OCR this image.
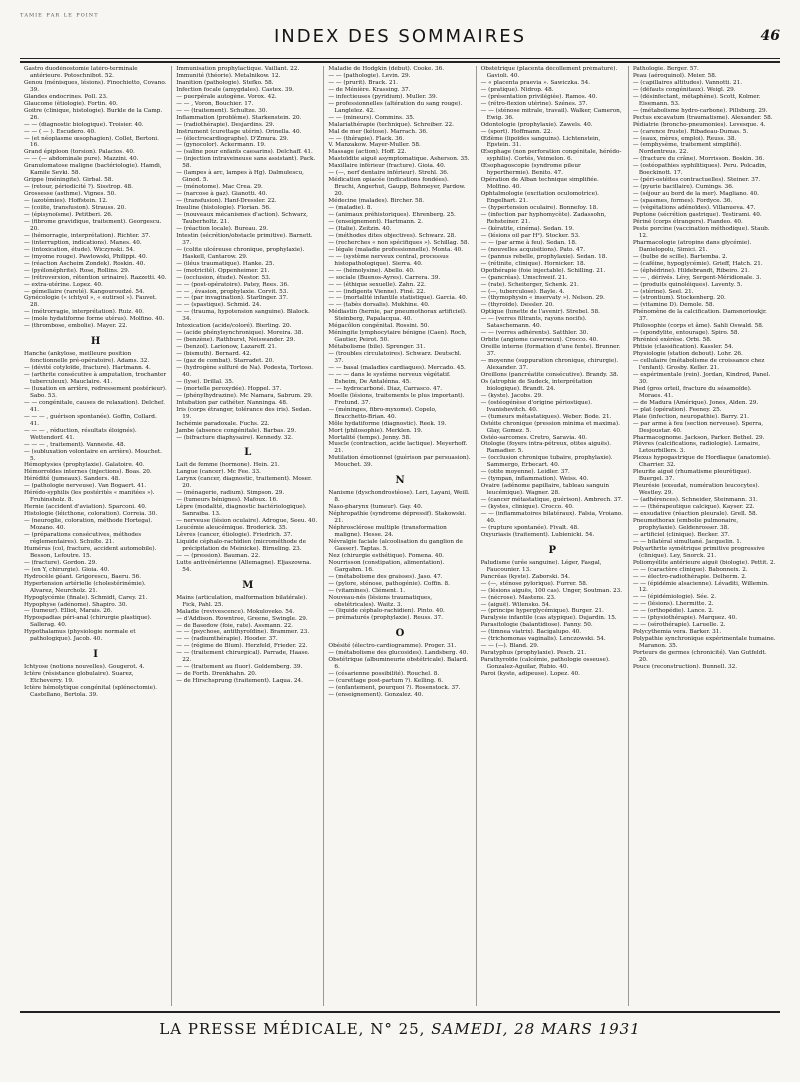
ᵀᴬᴹᴵᴱ ᴾᴬᴿ ᴸᴱ ᴾᴼᴵᴺᵀ
INDEX DES SOMMAIRES	46

Gastro duodénostomie latéro-terminale antérieure. Potoschnibot. 52.

Genou (ménisques, lésions). Finochietto, Covano. 39.

Glandes endocrines. Poll. 23.

Glaucome (étiologie). Fortin. 40.

Goitre (clinique, histologie). Burkle de la Camp. 26.

— — (diagnostic biologique). Troisier. 40.

— — ( — ). Escudero. 40.

— (et néoplasme œsophagien). Collet, Bertoni. 16.

Grand épiploon (torsion). Palacios. 40.

— — (— abdominale pure). Mazzini. 40.

Granulomatose maligne (bactériologie). Hamdi, Kamile Sevki. 58.

Grippe (méningite). Girbal. 58.

— (retour, périodicité ?). Sisstrop. 48.

Grossesse (asthme). Vignes. 50.

— (azotémies). Hoffstein. 12.

— (coiite, transfusion). Strauss. 20.

— (épisynoïsme). Petitberi. 26.

— (fibrome gravidique, traitement). Georgescu. 20.

— (hémorragie, interprétation). Richter. 37.

— (interruption, indications). Manes. 40.

— (intoxication, étude). Wiczynski. 54.

— (myome rouge). Pawlowski, Philippi. 40.

— (réaction Ascheim Zondek). Roskin. 40.

— (pyélonéphrite). Rose, Rollins. 29.

— (rétroversion, rétention urinaire). Razzetti. 40.

— extra-utérine. Lopez. 40.

— gémellaire (rareté). Kangouroudzé. 54.

Gynécologie (« ichtyol », « eutirsol »). Fauvet. 28.

— (métrorragie, interprétation). Ruiz. 40.

— (mole hydatiforme forme utérus). Molfino. 40.

— (thrombose, embolie). Mayer. 22.

H

Hanche (ankylose, meilleure position fonctionnelle pré-opératoire). Adams. 32.

— (dévité cotyloïde, fracture). Hartmann. 4.

— (arthrite consécutive à amputation, trochanter tuberculeux). Mauclaire. 41.

— (luxation en arrière, redressement postérieur). Sabo. 53.

— — congénitale, causes de relaxation). Delchef. 41.

— — — , guérison spontanée). Goffin, Collard. 41.

— — — , réduction, résultats éloignés). Wettendorf. 41.

— — — , traitement). Vanneste. 48.

— (subluxation volontaire en arrière). Mouchet. 5.

Hémoptysies (prophylaxie). Galatoire. 40.

Hémorroïdes internes (injections). Boas. 20.

Hérédité (jumeaux). Sanders. 48.

— (pathologie nerveuse). Van Bogaert. 41.

Hérédo-syphilis (les postérités « manitées »). Fruhinsholz. 8.

Hernie (accident d'aviation). Sparconi. 40.

Histologie (léicthone, coloration). Correia. 30.

— (neuroglie, coloration, méthode Hortega). Mozano. 40.

— (préparations consécutives, méthodes réglementaires). Schulte. 21.

Humérus (col, fracture, accident automobile). Besson, Lefoutre. 15.

— (fracture). Gordon. 29.

— (en Y, chirurgie). Gioia. 40.

Hydrocèle géant. Grigorescu, Baeru. 56.

Hypertension artérielle (cholestérinémie). Alvarez, Neurcholz. 21.

Hypoglycémie (finale). Schmidt, Carey. 21.

Hypophyse (adénome). Shapiro. 30.

— (tumeur). Elliot, Marais. 26.

Hypospadias péri-anal (chirurgie plastique). Sallerag. 40.

Hypothalamus (physiologie normale et pathologique). Jacob. 40.

I

Ichtyose (notions nouvelles). Gougerot. 4.

Ictère (résistance globulaire). Suarez, Etcheverry. 19.

Ictère hémolytique congénital (splénectomie). Castellano, Bertola. 39.

Immunisation prophylactique. Vaillant. 22.

Immunité (théorie). Metalnikow. 12.

Inanition (pathologie). Stefko. 58.

Infection focale (amygdales). Castex. 39.

— puerpérale autogène. Vorox. 42.

— — , Voron, Bouchier. 17.

— — (traitement). Schultze. 30.

Inflammation (problème). Starkenstein. 20.

— (radiothérapie). Desjardins. 29.

Instrument (curettage utérin). Orinella. 40.

— (électrocardiographe). D'Zmura. 29.

— (gynocolor). Ackermann. 19.

— (saline pour enfants caesarins). Delchaff. 41.

— (injection intraveineuse sans assistant). Pack. 58.

— (lampes à arc, lampes à Hg). Dalmulescu, Ginod. 5.

— (ménotome). Mac Crea. 29.

— (narcose à gaz). Gianotti. 40.

— (transfusion). Hanf-Dressler. 22.

Insuline (histologie). Florian. 56.

— (nouveaux mécanismes d'action). Schwarz, Tauberholtz. 21.

— (réaction locale). Bureau. 29.

Intestin (sécrétion/obstacle primitive). Barnett. 37.

— (colite ulcéreuse chronique, prophylaxie). Haskell, Cantarow. 29.

— (iléus traumatique). Hanke. 25.

— (motricité). Oppenheimer. 21.

— (occlusion, étude). Nestor. 53.

— — (post-opératoire). Patey, Rees. 36.

— — , évasion, prophylaxie. Corvit. 53.

— — (par invagination). Starlinger. 37.

— — (spastique). Schmid. 24.

— — (trauma, hypotension sanguine). Blalock. 34.

Intoxication (acide/coloré). Bierling. 20.

— (acide phénylsynchronique). Moreira. 38.

— (benzène). Rathburst, Neiswander. 29.

— (benzol). Larionow, Lazareff. 21.

— (bismuth). Bernard. 42.

— (gaz de combat). Starradet. 20.

— (hydrogène sulfuré de Na). Podesta, Tortoso. 40.

— (lyse). Drillal. 35.

— (mortelle peroxydée). Hoppel. 37.

— (phénylhydrazine). Mc Namara, Sabrum. 29.

Intubation par cathéter. Nanninga. 48.

Iris (corps étranger, tolérance des iris). Sedan. 19.

Ischémie paradoxale. Fuchs. 22.

Jambe (absence congénitale). Barbas. 29.

— (bifracture diaphysaire). Kennedy. 32.

L

Lait de femme (hormone). Hein. 21.

Langue (cancer). Mc Fee. 33.

Larynx (cancer, diagnostic, traitement). Moser. 20.

— (ménagerie, radium). Simpson. 29.

— (tumeurs bénignes). Mafoux. 16.

Lèpre (modalité, diagnostic bactériologique). Sanraiba. 13.

— nerveuse (lésion oculaire). Adrogue, Seeu. 40.

Leucémie aleucémique. Broderick. 35.

Lèvres (cancer, étiologie). Friedrich. 37.

Liquide céphalo-rachidien (microméthode de précipitation de Meinicke). Birneling. 23.

— — (pression). Bauman. 22.

Lutte antivénérienne (Allemagne). Eljaszowna. 54.

M

Mains (articulation, malformation bilatérale). Fick, Pahl. 25.

Maladie (revivescence). Mokuloveko. 54.

— d'Addison. Rowntree, Greene, Swingle. 29.

— de Basedow (foie, rate). Assmann. 22.

— — (psychose, antithyroïdine). Brammer. 23.

— — (radiumthérapie). Hooder. 37.

— — (régime de Blum). Herzfeld, Frieder. 22.

— — (traitement chirurgical). Parrade, Haase. 22.

— — (traitement au fluor). Goldemberg. 39.

— de Forth. Drenkhahn. 20.

— de Hirschsprung (traitement). Laqua. 24.

Maladie de Hodgkin (début). Cooke. 36.

— — (pathologie). Levin. 29.

— — (prurit). Brack. 21.

— de Ménière. Krassing. 37.

— infectieuses (pyridium). Muller. 39.

— professionnelles (altération du sang rouge). Langlelez. 42.

— — (mineurs). Commins. 35.

Malariathérapie (technique). Schreiber. 22.

Mal de mer (kétose). Marrach. 36.

— — (thérapie). Flack. 36.

V. Manzakow. Mayer-Muller. 58.

Massage (action). Hoff. 22.

Mastoïdite aiguë asymptomatique. Asherson. 35.

Maxillaire inférieur (fracture). Gioia. 40.

— (—, nerf dentaire inférieur). Strehl. 36.

Médication opiacée (indications fondées). Bruchi, Angerhut, Gaupp, Bohmeyer, Pardow. 20.

Médecine (malades). Bircher. 58.

— (maladie). 8.

— (animaux préhistoriques). Ehrenberg. 25.

— (enseignement). Hartmann. 2.

— (Italie). Zeitzin. 40.

— (méthodes dites objectives). Schwarz. 28.

— (recherches « non spécifiques »). Schillag. 58.

— légale (maladie professionnelle). Monta. 40.

— — (système nerveux central, processus histopathologique). Sierra. 40.

— — (hémolysine). Abello. 40.

— sociale (Buenos-Ayres). Carrera. 39.

— — (éthique sexuelle). Zahn. 22.

— — (indigents Vienne). Finé. 22.

— — (mortalité infantile statistique). Garcia. 40.

— — (tabès dorsalis). Mukhine. 40.

Médiastin (hernie, par pneumothorax artificiel). Steinberg, Papalacqua. 40.

Mégacôlon congénital. Rossini. 50.

Méningite lymphocytaire bénigne (Caen). Roch, Gautier, Peirot. 50.

Métabolisme (bile). Sprenger. 31.

— (troubles circulatoires). Schwarz. Deutschl. 37.

— — basal (maladies cardiaques). Mercado. 45.

— — — dans le système nerveux végétatif. Esheim, De Antalénna. 45.

— — hydrocarboné. Diaz, Carrasco. 47.

Moelle (lésions, traitements le plus important). Fretund. 37.

— (méninges, fibro-myxome). Copelo, Bracchetto-Brian. 40.

Môle hydatiforme (diagnostic). Reek. 19.

Mort (philosophie). Merklen. 19.

Mortalité (temps). Jenny. 58.

Muscle (contraction, acide lactique). Meyerhoff. 21.

Mutilation émotionnel (guérison par persuasion). Mouchet. 39.

N

Nanisme (dyschondrostéose). Leri, Layani, Weill. 8.

Naso-pharynx (tumeur). Gay. 40.

Néphropathie (syndrome dépressif). Stakowski. 21.

Néphrosclérose multiple (transformation maligne). Hesse. 24.

Névralgie faciale (alcoolisation du ganglion de Gasser). Taptas. 5.

Nez (chirurgie esthétique). Fomena. 40.

Nourrisson (constipation, alimentation). Gargahm. 16.

— (métabolisme des graisses). Jaso. 47.

— (pylore, sténose, pathogénie). Coffin. 8.

— (vitamines). Clément. 1.

Nouveau-nés (lésions traumatiques, obstétricales). Waitz. 3.

— (liquide céphalo-rachidien). Pinto. 40.

— prématurés (prophylaxie). Reuss. 37.

O

Obésité (électro-cardiogramme). Proger. 31.

— (métabolisme des glucosides). Landsberg. 40.

Obstétrique (albumineurie obstétricale). Balard. 6.

— (césarienne possibilité). Rouchel. 8.

— (curettage post-partum ?). Kelling. 6.

— (enfantement, pourquoi ?). Rosenstock. 37.

— (enseignement). Gonzalez. 40.

Obstétrique (placenta décollement prématuré). Gavioli. 40.

— « placenta praevia ». Sawiczka. 54.

— (pratique). Nidrop. 48.

— (présentation privilégiée). Ramos. 40.

— (rétro-flexion utérine). Szénes. 37.

— — (sténose mitrale, travail). Walker, Cameron, Ewig. 36.

Odontologie (prophylaxie). Zawels. 40.

— (sport). Hoffmann. 22.

Œdème (lipoïdes sanguins). Lichtenstein, Epstein. 31.

Œsophage (non perforation congénitale, hérédo-syphilis). Cortés, Veimelon. 6.

Œsophagoscopie (syndrome pileur hyperthermie). Benito. 47.

Opération de Alban technique simplifiée. Molfino. 40.

Ophtalmologie (excitation oculomotrice). Engelhart. 21.

— (hypertension oculaire). Bonnefoy. 18.

— (infection par hyphomycète). Zadassohn, Rehsteiner. 21.

— (kératite, cinéma). Sedan. 19.

— (lésions oil par H²). Stocker. 53.

— — (par arme à feu). Sedan. 18.

— (nouvelles acquisitions). Pato. 47.

— (pannus rebelle, prophylaxie). Sedan. 18.

— (rétinite, clinique). Hornicker. 18.

Opothérapie (foie injectable). Schilling. 21.

— (pancréas). Umschweif. 21.

— (rate). Scheiterger, Schenk. 21.

— (—, tuberculose). Bayle. 4.

— (thymophysin « inservaty »). Nelson. 29.

— (thyroïde). Dessler. 20.

Optique (lunette de l'avenir). Strebel. 58.

— — (verres filtrants, rayons nocifs). Sataschemann. 40.

— — (verres adhérents). Satthler. 30.

Orbite (angiome caverneux). Crocco. 40.

Oreille interne (formation d'une fente). Brunner. 37.

— moyenne (suppuration chronique, chirurgie). Alexander. 37.

Oreillons (pancréatite consécutive). Brandy. 38.

Os (atrophie de Sudeck, interprétation biologique). Brandt. 24.

— (kyste). Jacobs. 29.

— (ostéogénèse d'origine périostique). Ivanishevitch. 40.

— (tumeurs métastatiques). Weber. Bode. 21.

Ostéite chronique (pression minima et maxima). Glay, Gomez. 5.

Ostéo-sarcomes. Cretro, Saravia. 40.

Otologie (foyers intra-pétreux, otites aiguës). Ramadier. 5.

— (occlusion chronique tubaire, prophylaxie). Sammergo, Erbecart. 40.

— (otite moyenne). Leidler. 37.

— (tympan, inflammation). Weiss. 40.

Ovaire (adénome papillaire, tableau sanguin leucémique). Wagner. 28.

— (cancer métastatique, guérison). Ambrech. 37.

— (kystes, clinique). Crocco. 40.

— — (inflammatoires bilatéraux). Falsia, Vroiano. 40.

— (rupture spontanée). Fivalt. 48.

Oxyuriasis (traitement). Lubienicki. 54.

P

Paludisme (urée sanguine). Léger, Fasgal, Faucounier. 13.

Pancréas (kyste). Zaborski. 54.

— (—, sténose pylorique). Furrer. 58.

— (lésions aiguës, 100 cas). Unger, Soutman. 23.

— (nécrose). Mastens. 23.

— (aiguë). Wilensko. 54.

— (principe hyperglycémique). Burger. 21.

Paralysie infantile (cas atypique). Dujardin. 15.

Parasitologie (balantidiose). Fanny. 50.

— (timnea viatrix). Bacigalupo. 40.

— (trichomonas vaginalis). Lenczowski. 54.

— — (—). Bland. 29.

Paratyphus (prophylaxie). Pesch. 21.

Parathyroïde (calcémie, pathologie osseuse). Gonzalez-Aguilar, Rubio. 40.

Paroi (kyste, adipeuse). Lopez. 40.

Pathologie. Berger. 57.

Peau (aéroquinol). Meier. 58.

— (capillaires altitudes). Vannotti. 21.

— (défauts congénitaux). Weigl. 29.

— (désinfectant, métaphène). Scott, Kolmer. Eisemann. 53.

— (métabolisme hydro-carbone). Pillsburg. 29.

Pectus excavatum (traumatisme). Alexander. 58.

Pédiatrie (broncho-pneumonies). Levesque. 4.

— (carence fruste). Ribadeau-Dumas. 5.

— (eaux, mères, emploi). Reuss. 38.

— (emphysème, traitement simplifié). Nordentreus. 22.

— (fracture du crâne). Morrisson. Boskin. 36.

— (ostéopathies syphilitiques). Peru. Polcadin, Boeckinott. 17.

— (péri-ostéites contractuelles). Steiner. 37.

— (pyurie bacillaire). Cumings. 36.

— (séjour au bord de la mer). Magliano. 40.

— (spasmes, formes). Fordyce. 36.

— (végétations adénoïdes). Villanueva. 47.

Peptone (sécrétion gastrique). Testirami. 40.

Périné (corps étrangers). Fiandeo. 40.

Peste porcine (vaccination méthodique). Staub. 12.

Pharmacologie (atropine dans glycémie). Danielopolu, Simici. 21.

— (bulbe de scille). Bartemba. 2.

— (caféine, hypoglycémie). Grieff, Hatch. 21.

— (éphédrine). Hildebrandt, Ribeiro. 21.

— — , dérivés. Lévy, Sergent-Méridionale. 3.

— (produits quinoléiques). Laventy. 5.

— (stérine). Seel. 21.

— (strontium). Stockenberg. 20.

— (vitamine D). Demole. 58.

Phénomène de la calcification. Damsnorioukjr. 37.

Philosophie (corps et âme). Sahli Oswald. 58.

— (spondylite, entourage). Spiro. 58.

Phrénicé exérèse. Orbi. 58.

Phtisie (classification). Kassler. 54.

Physiologie (station debout). Lohr. 26.

— cellulaire (métabolisme de croissance chez l'enfant). Grosby. Keller. 21.

— expérimentale (rein). Jordan, Kindred, Panel. 30.

Pied (gros orteil, fracture du sésamoïde). Moraes. 41.

— de Madura (Amérique). Jones, Alden. 29.

— plat (opération). Feeney. 25.

Plaie (infection, neuropathie). Barry. 21.

— par arme à feu (section nerveuse). Sperra, Desjoustar. 40.

Pharmacognome. Jackson, Parker. Bethel. 29.

Plèvres (calcifications, radiologie). Lemaire, Letourbillers. 3.

Plexus hypogastrique de Hordlaque (anatomie). Charrier. 32.

Pleurite aiguë (rhumatisme pleurétique). Buergel. 37.

Pleurésie (exsudat, numération leucocytes). Westley. 29.

— (adhérences). Schneider, Steinmann. 31.

— — (thérapeutique calcique). Kayser. 22.

— exsudative (réaction pleurale). Grell. 58.

Pneumothorax (embolie pulmonaire, prophylaxie). Geldenrosser. 38.

— artificiel (clinique). Becker. 37.

— — bilatéral simultané. Jacquelin. 1.

Polyarthrite symétrique primitive progressive (clinique). Ley, Snorck. 21.

Poliomyélite antérieure aiguë (biologie). Pettit. 2.

— — (caractère clinique). Babonneix. 2.

— — électro-radiothérapie. Delherm. 2.

— — (épidémie alsacienne). Lévaditi, Willemin. 12.

— — (épidémiologie). Sée. 2.

— — (lésions). Lhermitte. 2.

— — (orthopédie). Lance. 2.

— — (physiothérapie). Marquez. 40.

— — (sérothérapie). Laruelle. 2.

Polycythemia vera. Barker. 31.

Polypathie synchronique expérimentale humaine. Maranon. 35.

Porteurs de germes (chronicité). Van Gutfeldt. 20.

Pouce (reconstruction). Bunnell. 32.

LA PRESSE MÉDICALE, N° 25, SAMEDI, 28 MARS 1931
